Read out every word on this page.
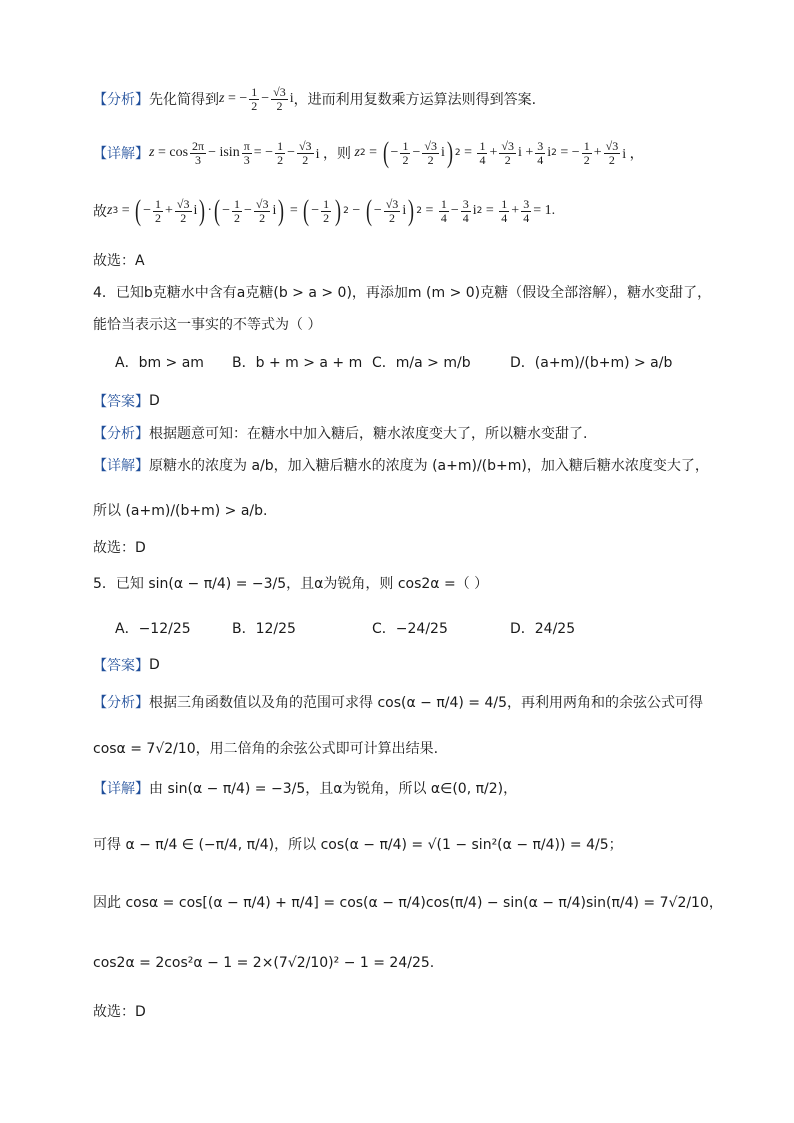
【分析】 先化简得到 z = − $\frac{1}{2} - \frac{√3}{2}$ i ，进而利用复数乘方运算法则得到答案.
【详解】 $z = \cos \frac{2\pi}{3} - isin \frac{\pi}{3}$ = − $\frac{1}{2} - \frac{√3}{2}$ i ， 则 z 2 = ( − $\frac{1}{2} - \frac{√3}{2}$ i ) $2 = \frac{1}{4} + \frac{√3}{2}$ $i + \frac{3}{4}$ i 2 = − $\frac{1}{2} + \frac{√3}{2}$ i ，
故 z 3 = ( − $\frac{1}{2} + \frac{√3}{2}$ i ) · ( − $\frac{1}{2} - \frac{√3}{2}$ i ) = ( − $\frac{1}{2}$ ) 2 − ( − $\frac{√3}{2}$ i ) $2 = \frac{1}{4} - \frac{3}{4}$ i $2 = \frac{1}{4} + \frac{3}{4} = 1$.
故选：A
4．已知b克糖水中含有a克糖(b > a > 0)，再添加m (m > 0)克糖（假设全部溶解），糖水变甜了，
能恰当表示这一事实的不等式为（ ）
A．bm > am B．b + m > a + m C．m/a > m/b	D．(a+m)/(b+m) > a/b
【答案】 D
【分析】 根据题意可知：在糖水中加入糖后，糖水浓度变大了，所以糖水变甜了.
【详解】 原糖水的浓度为 a/b，加入糖后糖水的浓度为 (a+m)/(b+m)，加入糖后糖水浓度变大了，
所以 (a+m)/(b+m) > a/b.
故选：D
5．已知 sin(α − π/4) = −3/5，且α为锐角，则 cos2α =（ ）
A．−12/25	B．12/25	C．−24/25	D．24/25
【答案】 D
【分析】 根据三角函数值以及角的范围可求得 cos(α − π/4) = 4/5，再利用两角和的余弦公式可得
cosα = 7√2/10，用二倍角的余弦公式即可计算出结果.
【详解】 由 sin(α − π/4) = −3/5，且α为锐角，所以 α∈(0, π/2)，
可得 α − π/4 ∈ (−π/4, π/4)，所以 cos(α − π/4) = √(1 − sin²(α − π/4)) = 4/5；
因此 cosα = cos[(α − π/4) + π/4] = cos(α − π/4)cos(π/4) − sin(α − π/4)sin(π/4) = 7√2/10，
cos2α = 2cos²α − 1 = 2×(7√2/10)² − 1 = 24/25.
故选：D
